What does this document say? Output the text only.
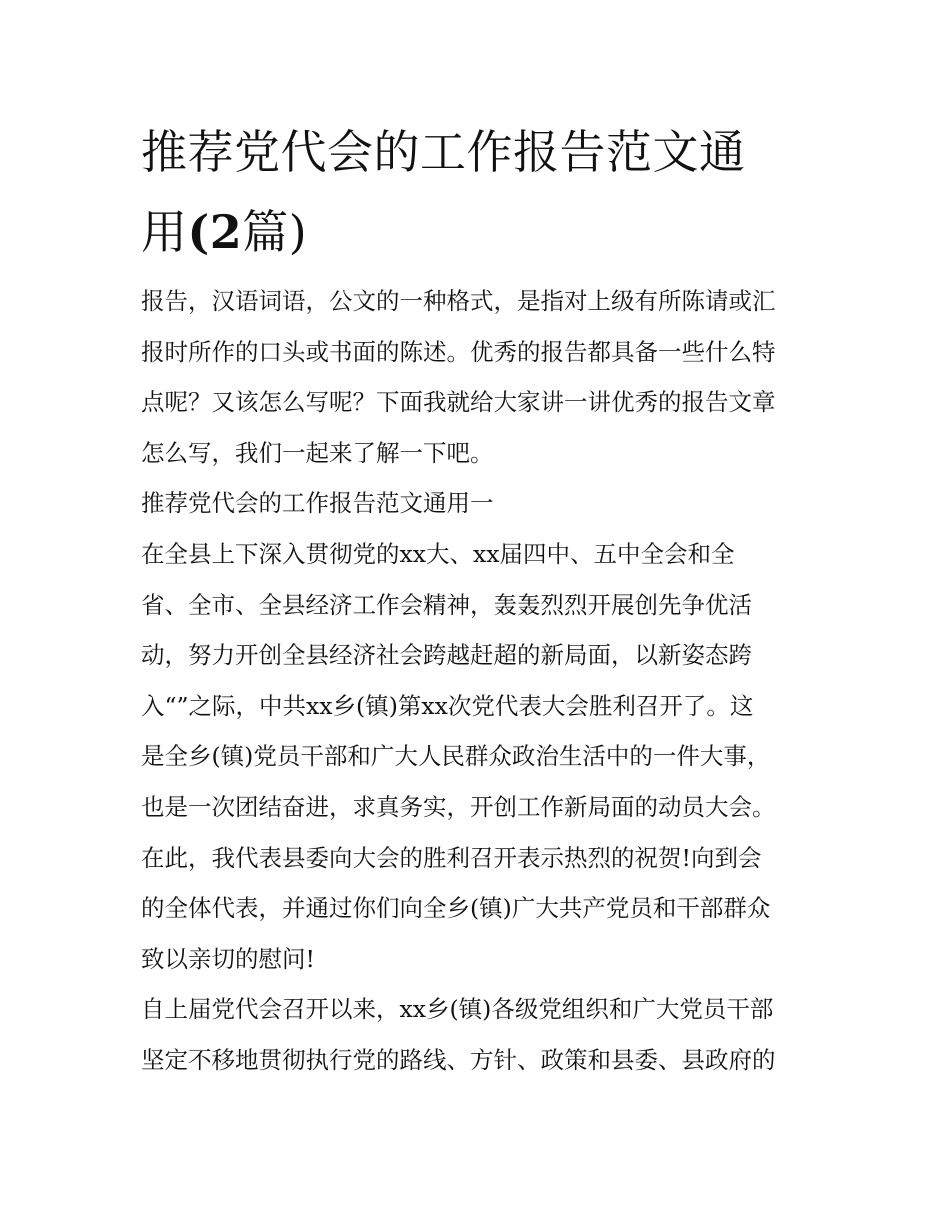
推荐党代会的工作报告范文通
用(2篇)

报告，汉语词语，公文的一种格式，是指对上级有所陈请或汇

报时所作的口头或书面的陈述。优秀的报告都具备一些什么特

点呢？又该怎么写呢？下面我就给大家讲一讲优秀的报告文章

怎么写，我们一起来了解一下吧。

推荐党代会的工作报告范文通用一

在全县上下深入贯彻党的xx大、xx届四中、五中全会和全

省、全市、全县经济工作会精神，轰轰烈烈开展创先争优活

动，努力开创全县经济社会跨越赶超的新局面，以新姿态跨

入“”之际，中共xx乡(镇)第xx次党代表大会胜利召开了。这

是全乡(镇)党员干部和广大人民群众政治生活中的一件大事，

也是一次团结奋进，求真务实，开创工作新局面的动员大会。

在此，我代表县委向大会的胜利召开表示热烈的祝贺!向到会

的全体代表，并通过你们向全乡(镇)广大共产党员和干部群众

致以亲切的慰问!

自上届党代会召开以来，xx乡(镇)各级党组织和广大党员干部

坚定不移地贯彻执行党的路线、方针、政策和县委、县政府的
